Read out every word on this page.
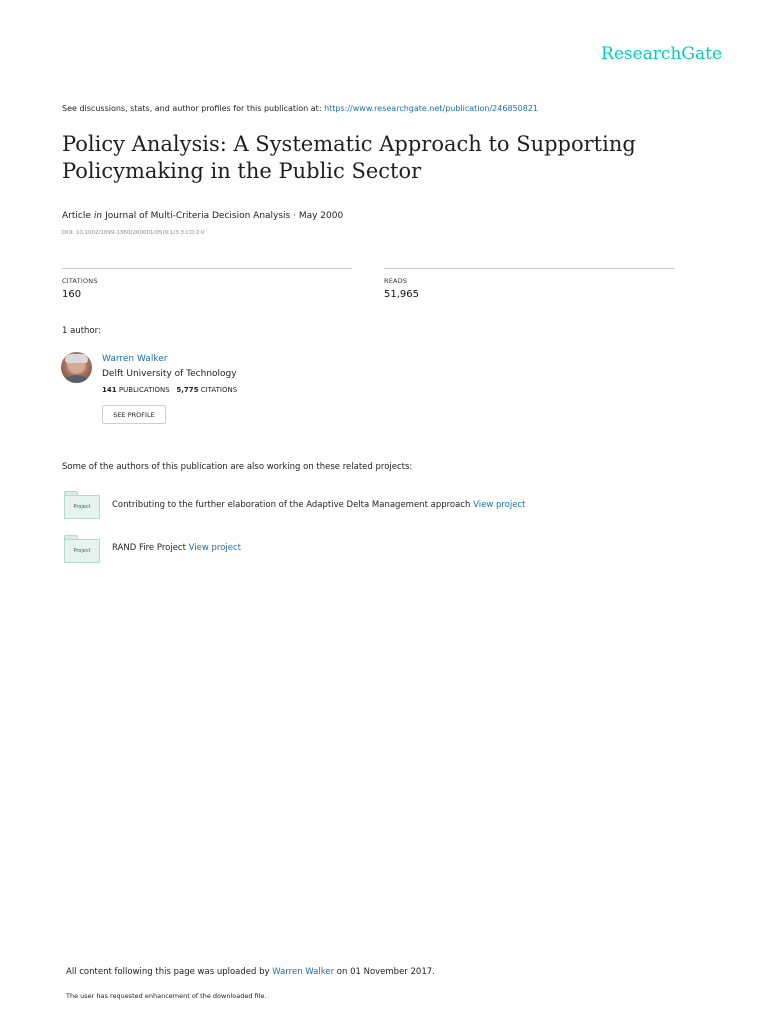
ResearchGate
See discussions, stats, and author profiles for this publication at: https://www.researchgate.net/publication/246850821
Policy Analysis: A Systematic Approach to Supporting
Policymaking in the Public Sector
Article in Journal of Multi-Criteria Decision Analysis · May 2000
DOI: 10.1002/1099-1360(200001/05)9:1/3.3.CO;2-V
CITATIONS
160
READS
51,965
1 author:
Warren Walker
Delft University of Technology
141 PUBLICATIONS 5,775 CITATIONS
SEE PROFILE
Some of the authors of this publication are also working on these related projects:
Project	Contributing to the further elaboration of the Adaptive Delta Management approach View project
Project	RAND Fire Project View project
All content following this page was uploaded by Warren Walker on 01 November 2017.
The user has requested enhancement of the downloaded file.
